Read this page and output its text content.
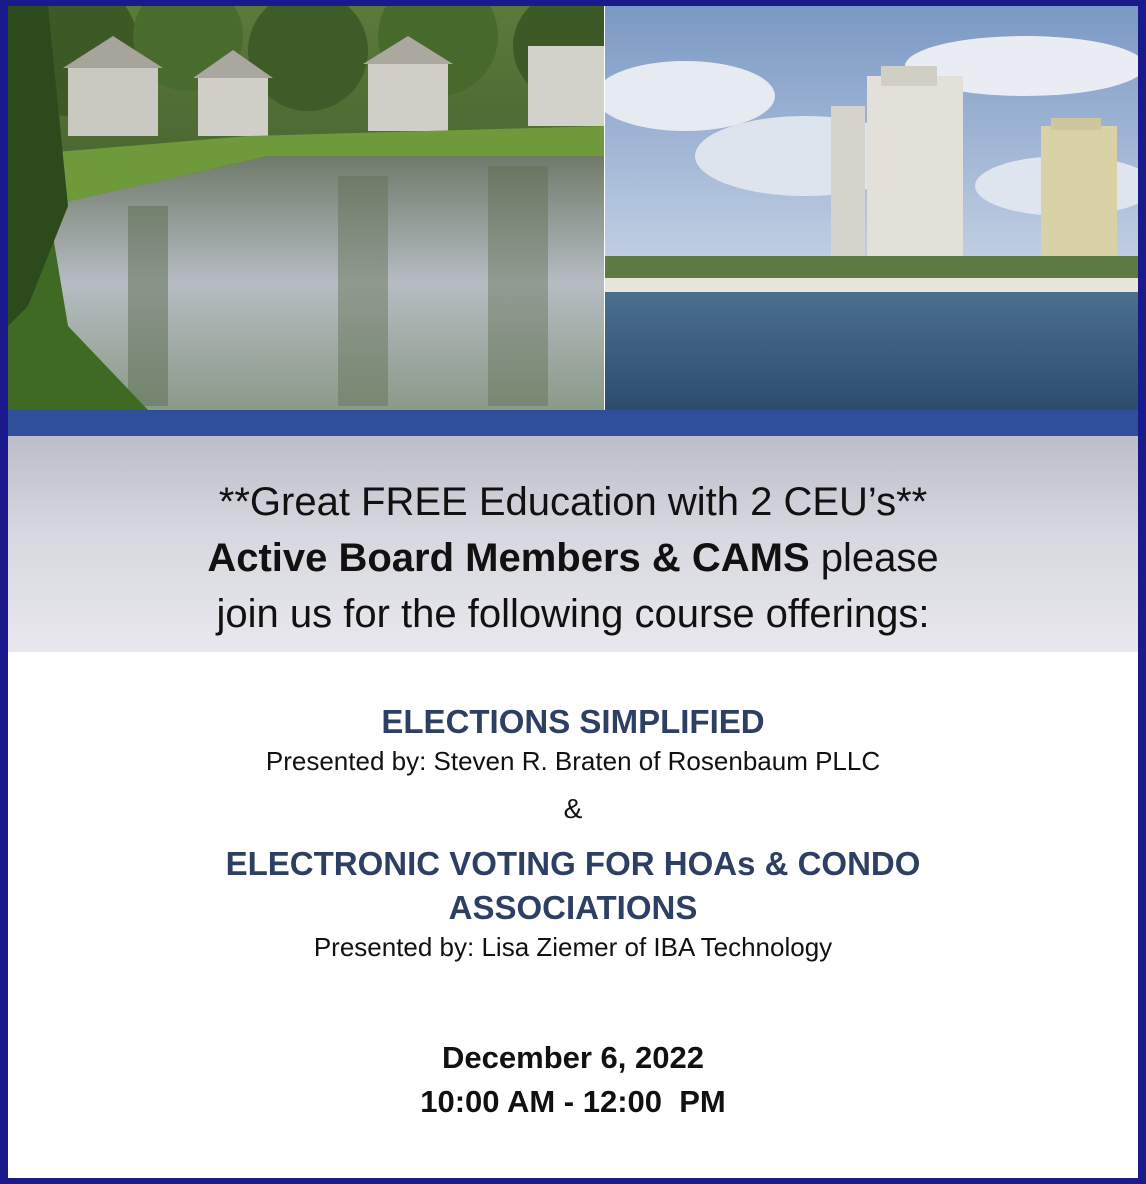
**Great FREE Education with 2 CEU’s**
Active Board Members & CAMS please
join us for the following course offerings:
ELECTIONS SIMPLIFIED
Presented by: Steven R. Braten of Rosenbaum PLLC
&
ELECTRONIC VOTING FOR HOAs & CONDO
ASSOCIATIONS
Presented by: Lisa Ziemer of IBA Technology
December 6, 2022
10:00 AM - 12:00  PM
